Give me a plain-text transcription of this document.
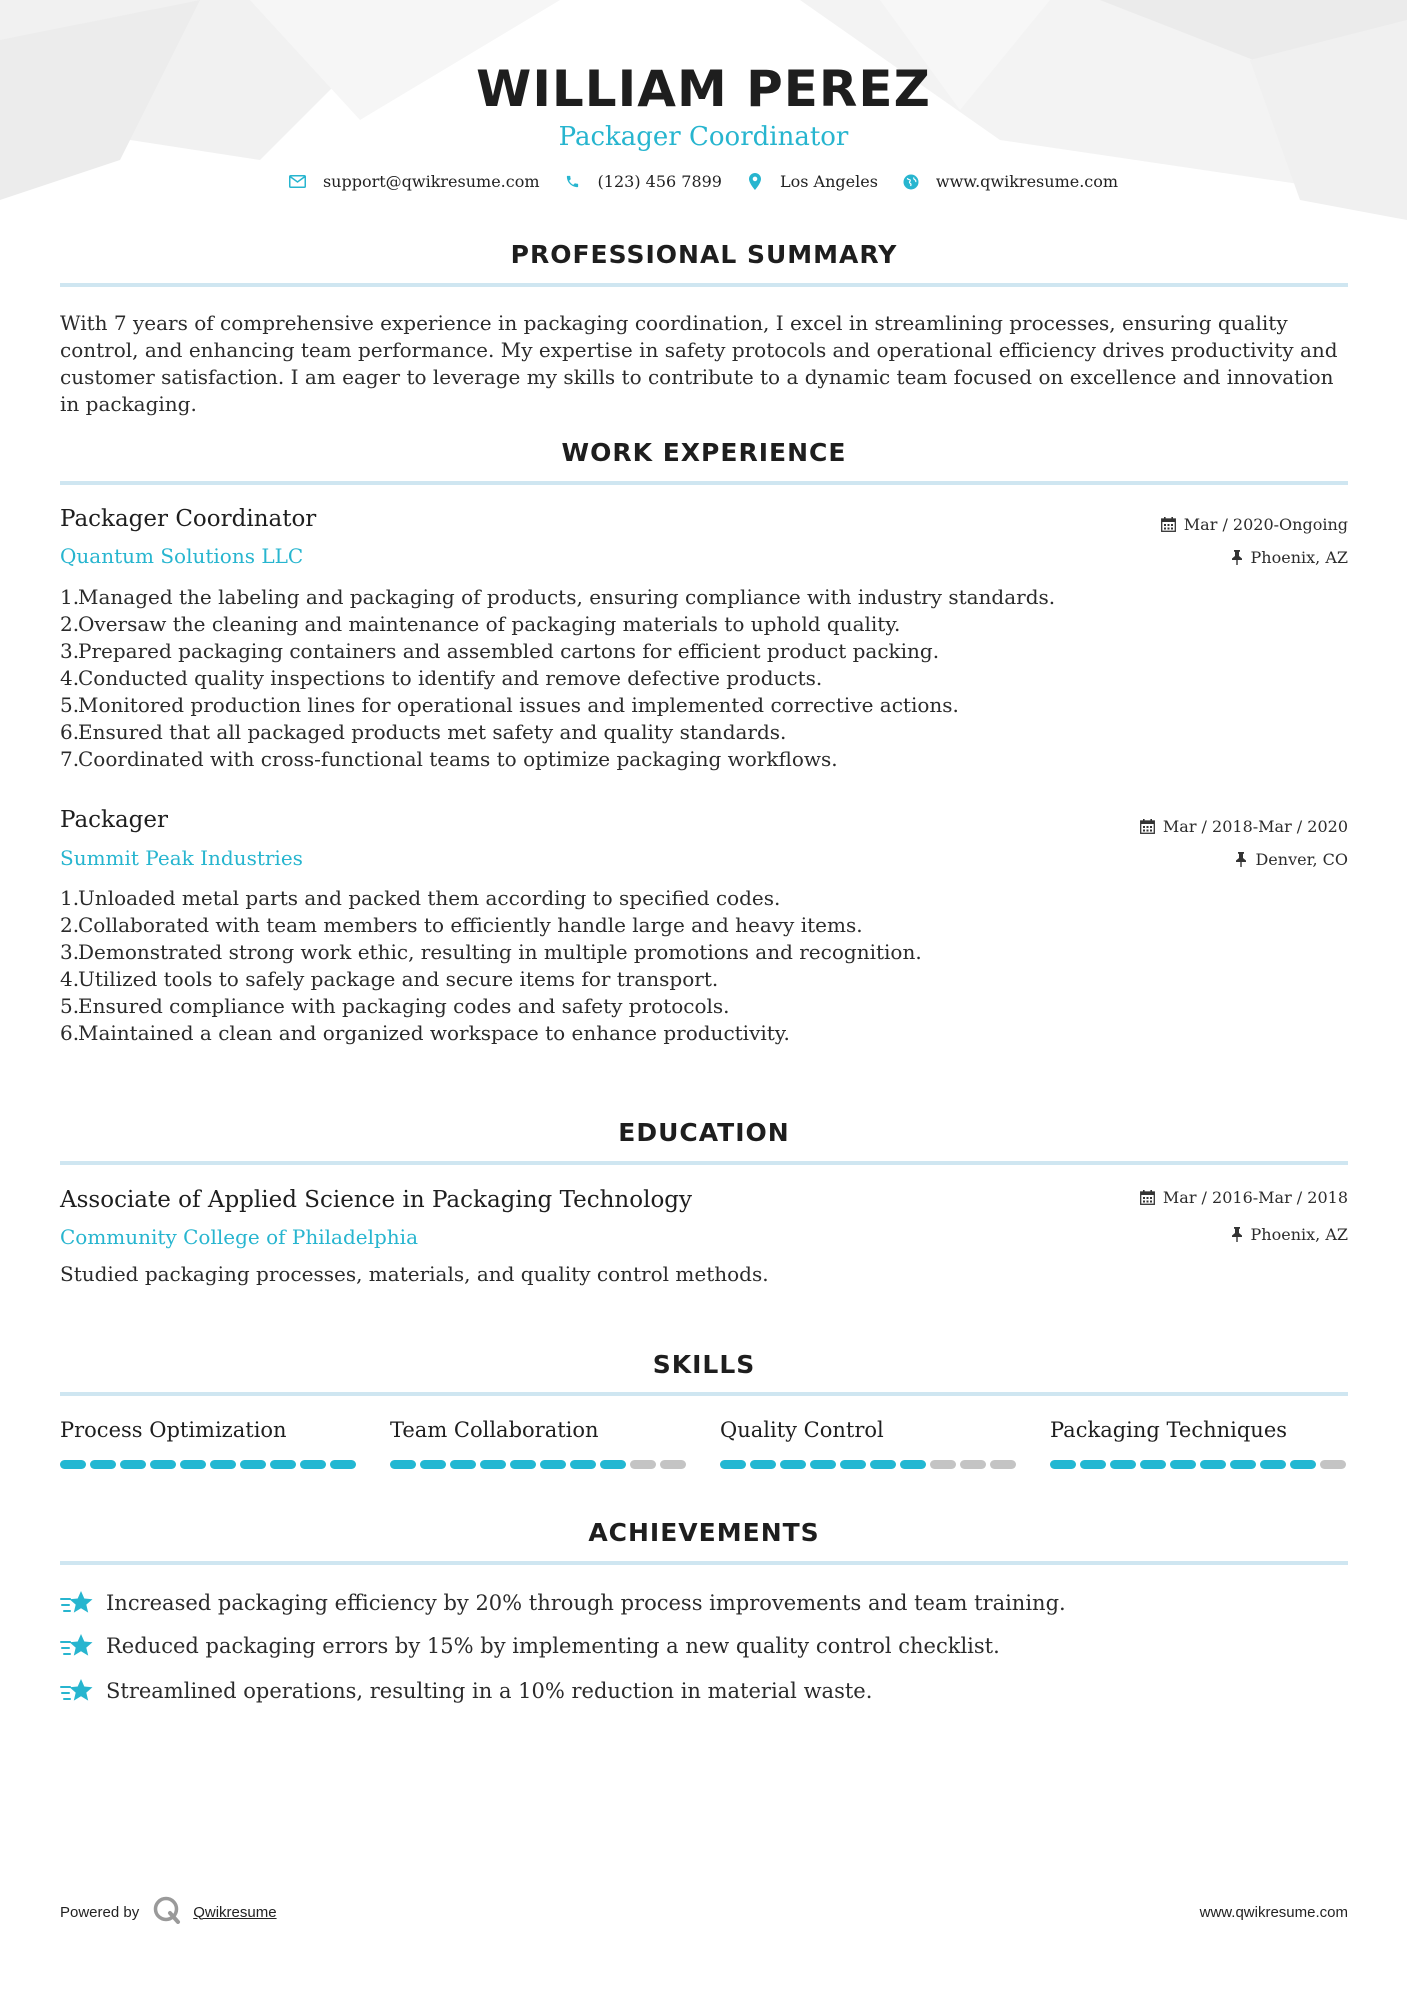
WILLIAM PEREZ
Packager Coordinator
support@qwikresume.com	(123) 456 7899	Los Angeles	www.qwikresume.com
PROFESSIONAL SUMMARY
With 7 years of comprehensive experience in packaging coordination, I excel in streamlining processes, ensuring quality control, and enhancing team performance. My expertise in safety protocols and operational efficiency drives productivity and customer satisfaction. I am eager to leverage my skills to contribute to a dynamic team focused on excellence and innovation in packaging.
WORK EXPERIENCE
Packager Coordinator
Quantum Solutions LLC
Mar / 2020-Ongoing
Phoenix, AZ
1.
Managed the labeling and packaging of products, ensuring compliance with industry standards.
2.
Oversaw the cleaning and maintenance of packaging materials to uphold quality.
3.
Prepared packaging containers and assembled cartons for efficient product packing.
4.
Conducted quality inspections to identify and remove defective products.
5.
Monitored production lines for operational issues and implemented corrective actions.
6.
Ensured that all packaged products met safety and quality standards.
7.
Coordinated with cross-functional teams to optimize packaging workflows.
Packager
Summit Peak Industries
Mar / 2018-Mar / 2020
Denver, CO
1.
Unloaded metal parts and packed them according to specified codes.
2.
Collaborated with team members to efficiently handle large and heavy items.
3.
Demonstrated strong work ethic, resulting in multiple promotions and recognition.
4.
Utilized tools to safely package and secure items for transport.
5.
Ensured compliance with packaging codes and safety protocols.
6.
Maintained a clean and organized workspace to enhance productivity.
EDUCATION
Associate of Applied Science in Packaging Technology
Community College of Philadelphia
Mar / 2016-Mar / 2018
Phoenix, AZ
Studied packaging processes, materials, and quality control methods.
SKILLS
Process Optimization	Team Collaboration	Quality Control	Packaging Techniques
ACHIEVEMENTS
Increased packaging efficiency by 20% through process improvements and team training.
Reduced packaging errors by 15% by implementing a new quality control checklist.
Streamlined operations, resulting in a 10% reduction in material waste.
Powered by	Qwikresume	www.qwikresume.com
